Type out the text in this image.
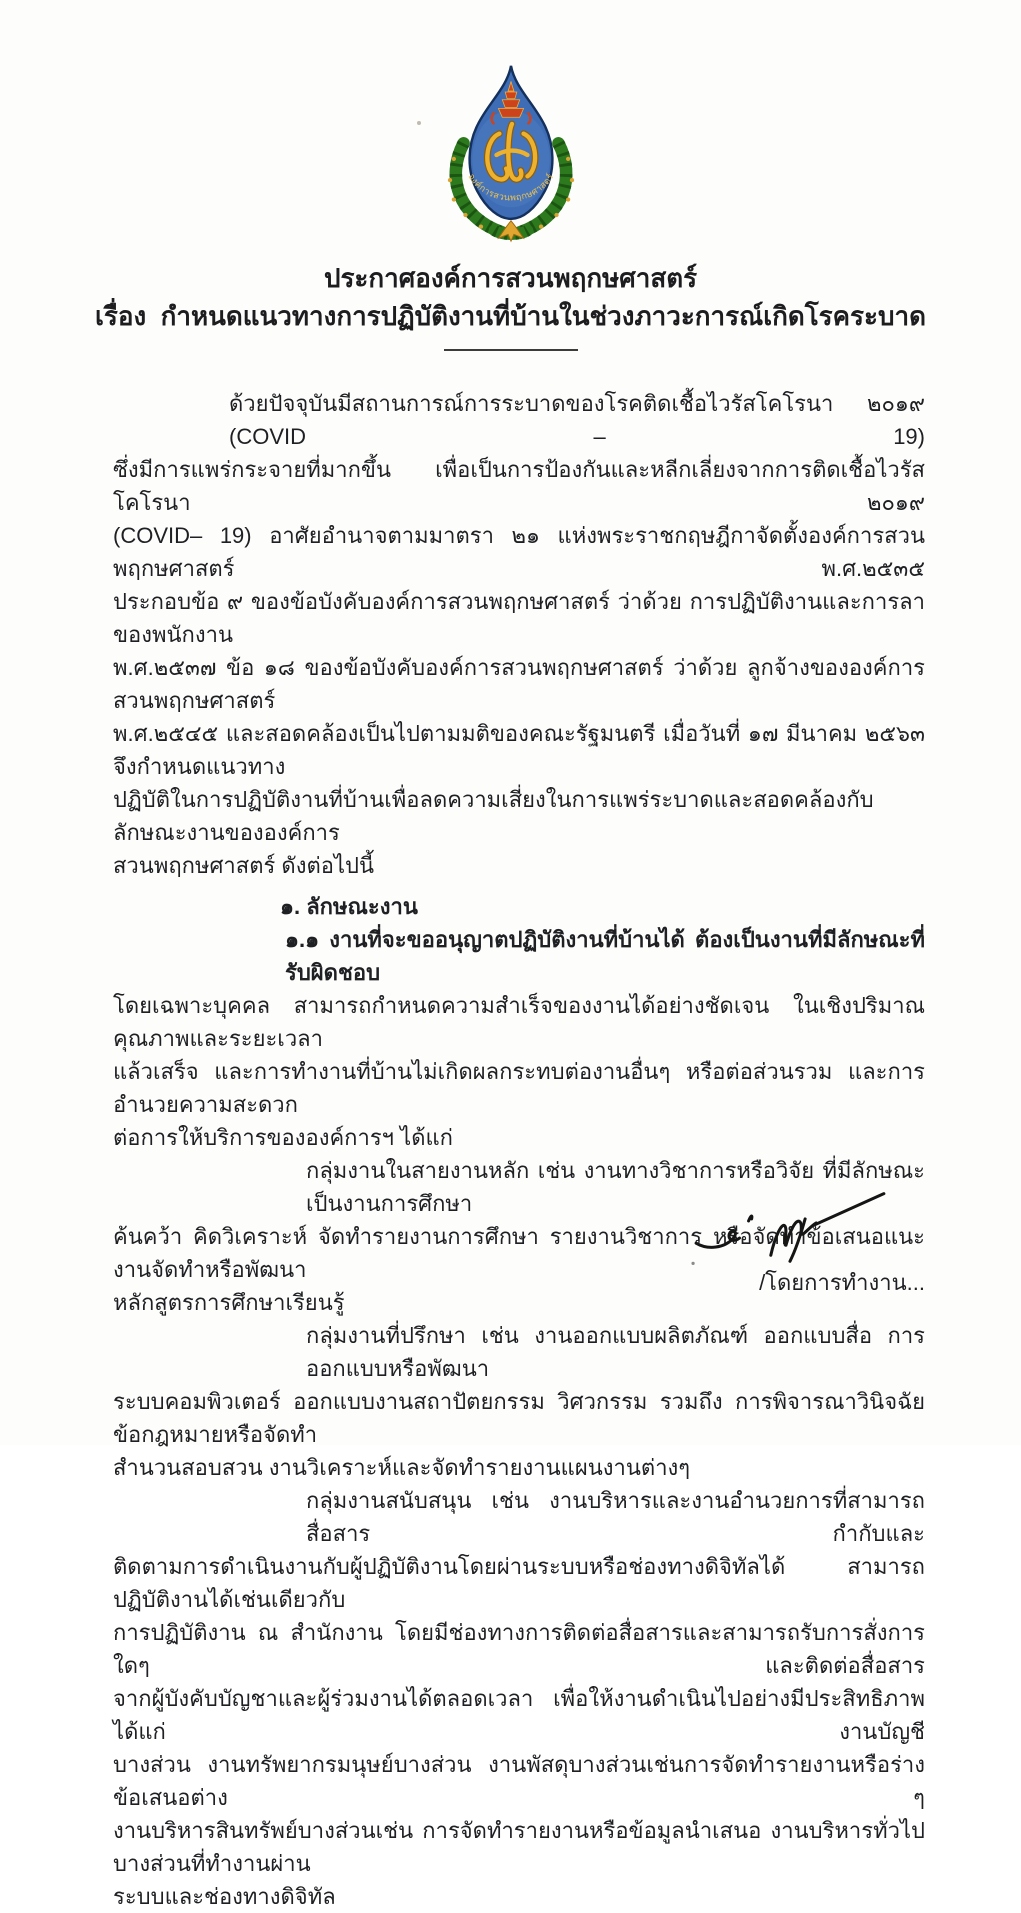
องค์การสวนพฤกษศาสตร์
ประกาศองค์การสวนพฤกษศาสตร์
เรื่อง  กำหนดแนวทางการปฏิบัติงานที่บ้านในช่วงภาวะการณ์เกิดโรคระบาด
ด้วยปัจจุบันมีสถานการณ์การระบาดของโรคติดเชื้อไวรัสโคโรนา ๒๐๑๙ (COVID – 19)
ซึ่งมีการแพร่กระจายที่มากขึ้น เพื่อเป็นการป้องกันและหลีกเลี่ยงจากการติดเชื้อไวรัสโคโรนา ๒๐๑๙
(COVID– 19) อาศัยอำนาจตามมาตรา ๒๑ แห่งพระราชกฤษฎีกาจัดตั้งองค์การสวนพฤกษศาสตร์ พ.ศ.๒๕๓๕
ประกอบข้อ ๙ ของข้อบังคับองค์การสวนพฤกษศาสตร์ ว่าด้วย การปฏิบัติงานและการลาของพนักงาน
พ.ศ.๒๕๓๗ ข้อ ๑๘ ของข้อบังคับองค์การสวนพฤกษศาสตร์ ว่าด้วย ลูกจ้างขององค์การสวนพฤกษศาสตร์
พ.ศ.๒๕๔๕ และสอดคล้องเป็นไปตามมติของคณะรัฐมนตรี เมื่อวันที่ ๑๗ มีนาคม ๒๕๖๓ จึงกำหนดแนวทาง
ปฏิบัติในการปฏิบัติงานที่บ้านเพื่อลดความเสี่ยงในการแพร่ระบาดและสอดคล้องกับลักษณะงานขององค์การ
สวนพฤกษศาสตร์ ดังต่อไปนี้
๑. ลักษณะงาน
๑.๑ งานที่จะขออนุญาตปฏิบัติงานที่บ้านได้ ต้องเป็นงานที่มีลักษณะที่รับผิดชอบ
โดยเฉพาะบุคคล สามารถกำหนดความสำเร็จของงานได้อย่างชัดเจน ในเชิงปริมาณ คุณภาพและระยะเวลา
แล้วเสร็จ และการทำงานที่บ้านไม่เกิดผลกระทบต่องานอื่นๆ หรือต่อส่วนรวม และการอำนวยความสะดวก
ต่อการให้บริการขององค์การฯ ได้แก่
กลุ่มงานในสายงานหลัก เช่น งานทางวิชาการหรือวิจัย ที่มีลักษณะเป็นงานการศึกษา
ค้นคว้า คิดวิเคราะห์ จัดทำรายงานการศึกษา รายงานวิชาการ หรือจัดทำข้อเสนอแนะ งานจัดทำหรือพัฒนา
หลักสูตรการศึกษาเรียนรู้
กลุ่มงานที่ปรึกษา เช่น งานออกแบบผลิตภัณฑ์ ออกแบบสื่อ การออกแบบหรือพัฒนา
ระบบคอมพิวเตอร์ ออกแบบงานสถาปัตยกรรม วิศวกรรม รวมถึง การพิจารณาวินิจฉัยข้อกฎหมายหรือจัดทำ
สำนวนสอบสวน งานวิเคราะห์และจัดทำรายงานแผนงานต่างๆ
กลุ่มงานสนับสนุน เช่น งานบริหารและงานอำนวยการที่สามารถสื่อสาร กำกับและ
ติดตามการดำเนินงานกับผู้ปฏิบัติงานโดยผ่านระบบหรือช่องทางดิจิทัลได้ สามารถปฏิบัติงานได้เช่นเดียวกับ
การปฏิบัติงาน ณ สำนักงาน โดยมีช่องทางการติดต่อสื่อสารและสามารถรับการสั่งการใดๆ และติดต่อสื่อสาร
จากผู้บังคับบัญชาและผู้ร่วมงานได้ตลอดเวลา เพื่อให้งานดำเนินไปอย่างมีประสิทธิภาพ ได้แก่ งานบัญชี
บางส่วน งานทรัพยากรมนุษย์บางส่วน งานพัสดุบางส่วนเช่นการจัดทำรายงานหรือร่างข้อเสนอต่าง ๆ
งานบริหารสินทรัพย์บางส่วนเช่น การจัดทำรายงานหรือข้อมูลนำเสนอ งานบริหารทั่วไปบางส่วนที่ทำงานผ่าน
ระบบและช่องทางดิจิทัล
/โดยการทำงาน...
